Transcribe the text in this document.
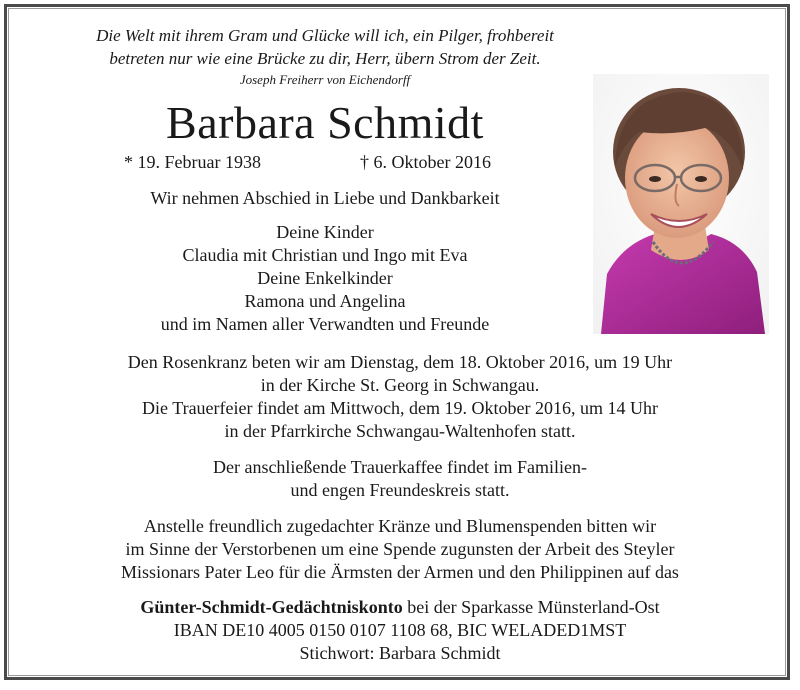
Die Welt mit ihrem Gram und Glücke will ich, ein Pilger, frohbereit
betreten nur wie eine Brücke zu dir, Herr, übern Strom der Zeit.
Joseph Freiherr von Eichendorff
Barbara Schmidt
* 19. Februar 1938	† 6. Oktober 2016
Wir nehmen Abschied in Liebe und Dankbarkeit
Deine Kinder
Claudia mit Christian und Ingo mit Eva
Deine Enkelkinder
Ramona und Angelina
und im Namen aller Verwandten und Freunde
Den Rosenkranz beten wir am Dienstag, dem 18. Oktober 2016, um 19 Uhr
in der Kirche St. Georg in Schwangau.
Die Trauerfeier findet am Mittwoch, dem 19. Oktober 2016, um 14 Uhr
in der Pfarrkirche Schwangau-Waltenhofen statt.
Der anschließende Trauerkaffee findet im Familien-
und engen Freundeskreis statt.
Anstelle freundlich zugedachter Kränze und Blumenspenden bitten wir
im Sinne der Verstorbenen um eine Spende zugunsten der Arbeit des Steyler
Missionars Pater Leo für die Ärmsten der Armen und den Philippinen auf das
Günter-Schmidt-Gedächtniskonto bei der Sparkasse Münsterland-Ost
IBAN DE10 4005 0150 0107 1108 68, BIC WELADED1MST
Stichwort: Barbara Schmidt
